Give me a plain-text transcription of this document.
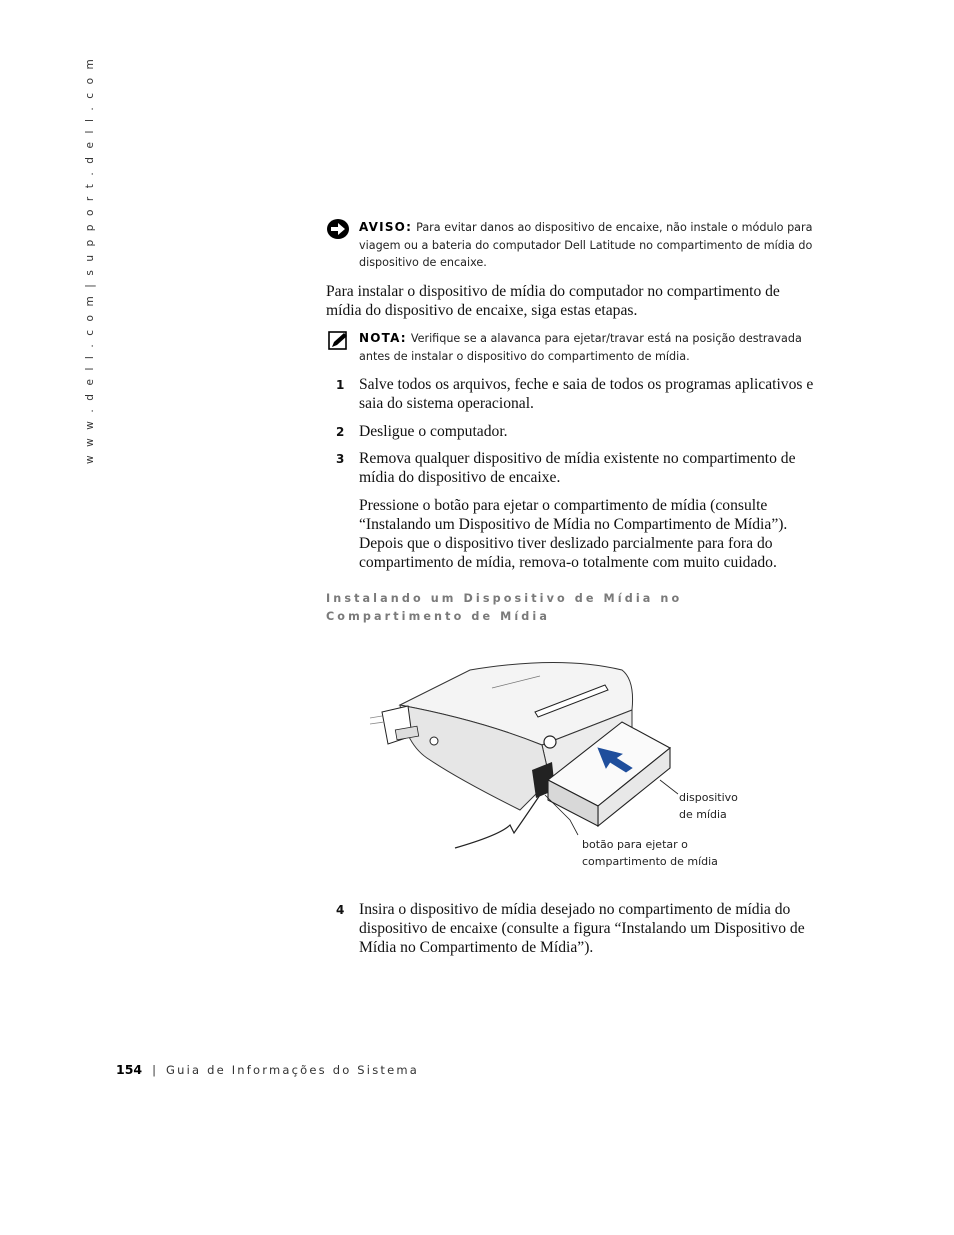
w w w . d e l l . c o m | s u p p o r t . d e l l . c o m	AVISO: Para evitar danos ao dispositivo de encaixe, não instale o módulo para viagem ou a bateria do computador Dell Latitude no compartimento de mídia do dispositivo de encaixe.
Para instalar o dispositivo de mídia do computador no compartimento de mídia do dispositivo de encaixe, siga estas etapas.
NOTA: Verifique se a alavanca para ejetar/travar está na posição destravada antes de instalar o dispositivo do compartimento de mídia.
1 Salve todos os arquivos, feche e saia de todos os programas aplicativos e saia do sistema operacional.
2 Desligue o computador.
3 Remova qualquer dispositivo de mídia existente no compartimento de mídia do dispositivo de encaixe.
Pressione o botão para ejetar o compartimento de mídia (consulte “Instalando um Dispositivo de Mídia no Compartimento de Mídia”). Depois que o dispositivo tiver deslizado parcialmente para fora do compartimento de mídia, remova-o totalmente com muito cuidado.
Instalando um Dispositivo de Mídia no Compartimento de Mídia
dispositivo
de mídia
botão para ejetar o
compartimento de mídia
4 Insira o dispositivo de mídia desejado no compartimento de mídia do dispositivo de encaixe (consulte a figura “Instalando um Dispositivo de Mídia no Compartimento de Mídia”).
154 | Guia de Informações do Sistema
